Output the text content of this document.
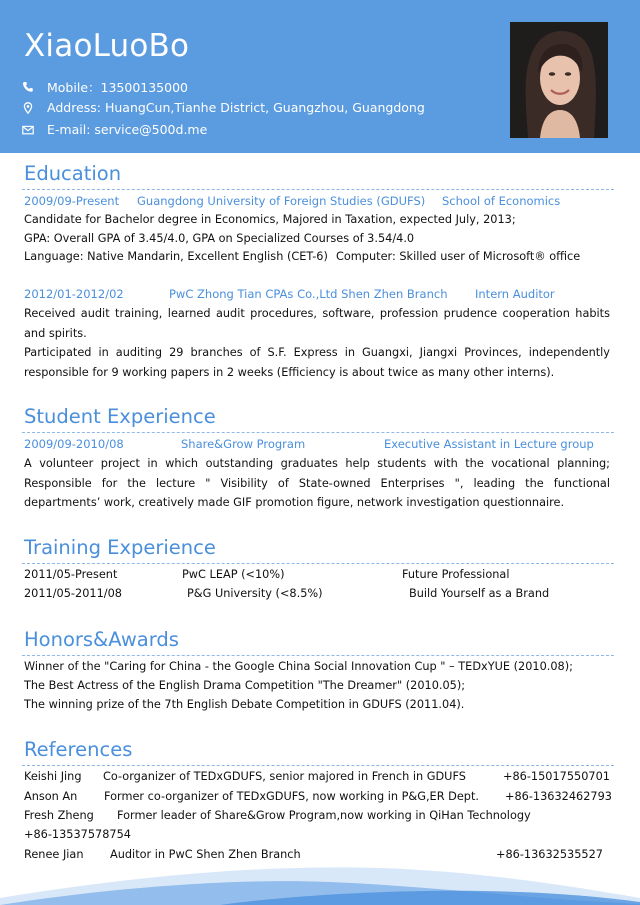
XiaoLuoBo
Mobile：13500135000
Address: HuangCun,Tianhe District, Guangzhou, Guangdong
E-mail: service@500d.me
Education
2009/09-Present Guangdong University of Foreign Studies (GDUFS) School of Economics
Candidate for Bachelor degree in Economics, Majored in Taxation, expected July, 2013;
GPA: Overall GPA of 3.45/4.0, GPA on Specialized Courses of 3.54/4.0
Language: Native Mandarin, Excellent English (CET-6) Computer: Skilled user of Microsoft® office
2012/01-2012/02	PwC Zhong Tian CPAs Co.,Ltd Shen Zhen Branch Intern Auditor
Received audit training, learned audit procedures, software, profession prudence cooperation habits and spirits.
Participated in auditing 29 branches of S.F. Express in Guangxi, Jiangxi Provinces, independently responsible for 9 working papers in 2 weeks (Efficiency is about twice as many other interns).
Student Experience
2009/09-2010/08	Share&Grow Program	Executive Assistant in Lecture group
A volunteer project in which outstanding graduates help students with the vocational planning; Responsible for the lecture " Visibility of State-owned Enterprises ", leading the functional departments’ work, creatively made GIF promotion figure, network investigation questionnaire.
Training Experience
2011/05-Present	PwC LEAP (<10%)	Future Professional
2011/05-2011/08	P&G University (<8.5%)	Build Yourself as a Brand
Honors&Awards
Winner of the "Caring for China - the Google China Social Innovation Cup " – TEDxYUE (2010.08);
The Best Actress of the English Drama Competition "The Dreamer" (2010.05);
The winning prize of the 7th English Debate Competition in GDUFS (2011.04).
References
Keishi Jing Co-organizer of TEDxGDUFS, senior majored in French in GDUFS	+86-15017550701
Anson An Former co-organizer of TEDxGDUFS, now working in P&G,ER Dept. +86-13632462793
Fresh Zheng Former leader of Share&Grow Program,now working in QiHan Technology
+86-13537578754
Renee Jian Auditor in PwC Shen Zhen Branch	+86-13632535527
